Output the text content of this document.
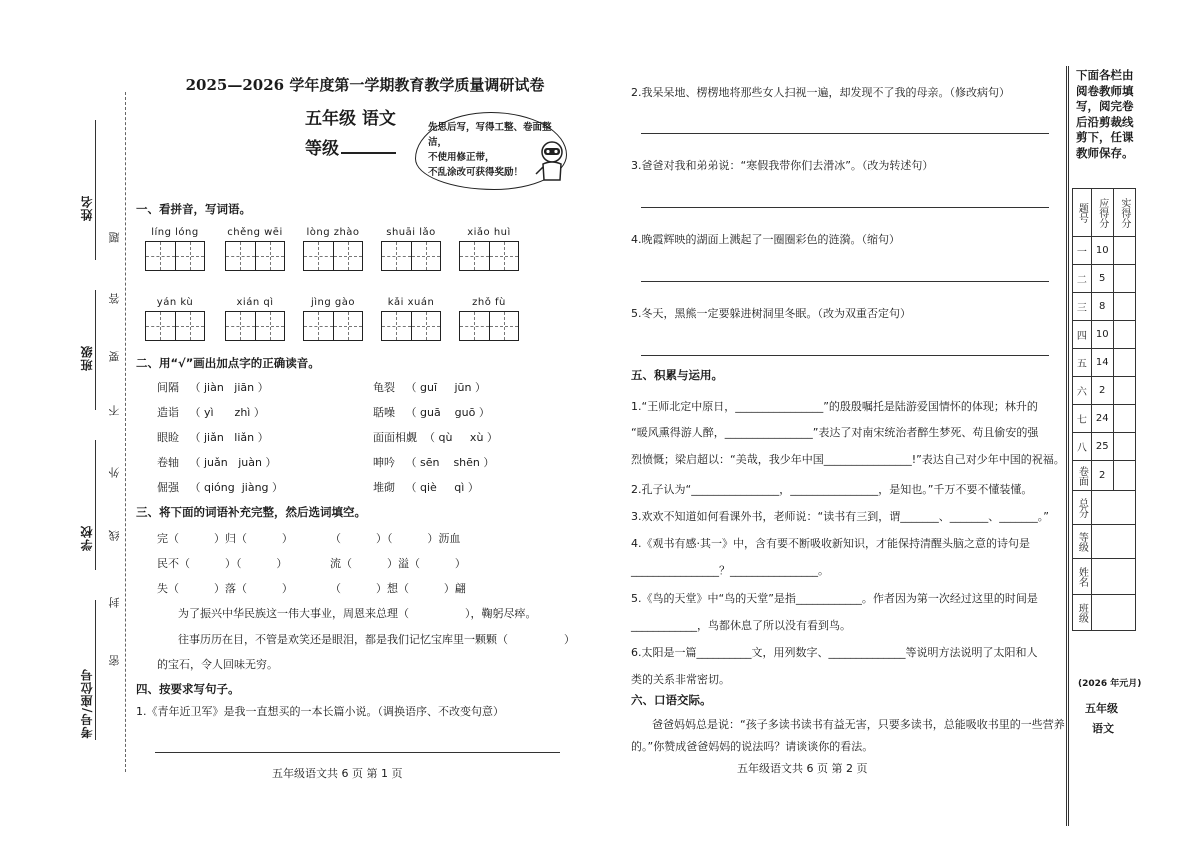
姓名
班级
学校
考号/座位号
题
答
要
不
外
线
封
密
2025—2026 学年度第一学期教育教学质量调研试卷
五年级 语文
等级
先思后写，写得工整、卷面整洁，
不使用修正带，
不乱涂改可获得奖励！
一、看拼音，写词语。
líng lóng	chěng wēi	lòng zhào	shuāi lǎo	xiǎo huì
yán kù	xián qì	jìng gào	kǎi xuán	zhǒ fù
二、用“√”画出加点字的正确读音。
间隔 （ jiàn   jiān ）	龟裂 （ guī     jūn ）
造诣 （ yì      zhì ）	聒噪 （ guā    guō ）
眼睑 （ jiǎn   liǎn ）	面面相觑 （ qù     xù ）
卷轴 （ juǎn   juàn ）	呻吟 （ sēn    shēn ）
倔强 （ qióng  jiàng ）	堆砌 （ qiè     qì ）
三、将下面的词语补充完整，然后选词填空。
完（          ）归（          ）	（          ）（          ）沥血
民不（          ）（          ）	流（          ）溢（          ）
失（          ）落（          ）	（          ）想（          ）翩
为了振兴中华民族这一伟大事业，周恩来总理（                ），鞠躬尽瘁。
往事历历在目，不管是欢笑还是眼泪，都是我们记忆宝库里一颗颗（                ）
的宝石，令人回味无穷。
四、按要求写句子。
1.《青年近卫军》是我一直想买的一本长篇小说。（调换语序、不改变句意）
五年级语文共 6 页 第 1 页
2.我呆呆地、楞楞地将那些女人扫视一遍，却发现不了我的母亲。（修改病句）
3.爸爸对我和弟弟说：“寒假我带你们去滑冰”。（改为转述句）
4.晚霞辉映的湖面上溅起了一圈圈彩色的涟漪。（缩句）
5.冬天，黑熊一定要躲进树洞里冬眠。（改为双重否定句）
五、积累与运用。
1.“王师北定中原日，________________”的殷殷嘱托是陆游爱国情怀的体现；林升的
“暖风熏得游人醉，________________”表达了对南宋统治者醉生梦死、苟且偷安的强
烈愤慨；梁启超以：“美哉，我少年中国________________!”表达自己对少年中国的祝福。
2.孔子认为“________________，________________，是知也。”千万不要不懂装懂。
3.欢欢不知道如何看课外书，老师说：“读书有三到，谓_______、_______、_______。”
4.《观书有感·其一》中，含有要不断吸收新知识，才能保持清醒头脑之意的诗句是
________________？________________。
5.《鸟的天堂》中“鸟的天堂”是指____________。作者因为第一次经过这里的时间是
____________，鸟都休息了所以没有看到鸟。
6.太阳是一篇__________文，用列数字、______________等说明方法说明了太阳和人
类的关系非常密切。
六、口语交际。
爸爸妈妈总是说：“孩子多读书读书有益无害，只要多读书，总能吸收书里的一些营养
的。”你赞成爸爸妈妈的说法吗？请谈谈你的看法。
五年级语文共 6 页 第 2 页
下面各栏由阅卷教师填写，阅完卷后沿剪裁线剪下，任课教师保存。
题号	应得分	实得分
一	10	
二	5	
三	8	
四	10	
五	14	
六	2	
七	24	
八	25	
卷面	2	
总分		
等级		
姓名		
班级		
(2026 年元月)
五年级
语文
